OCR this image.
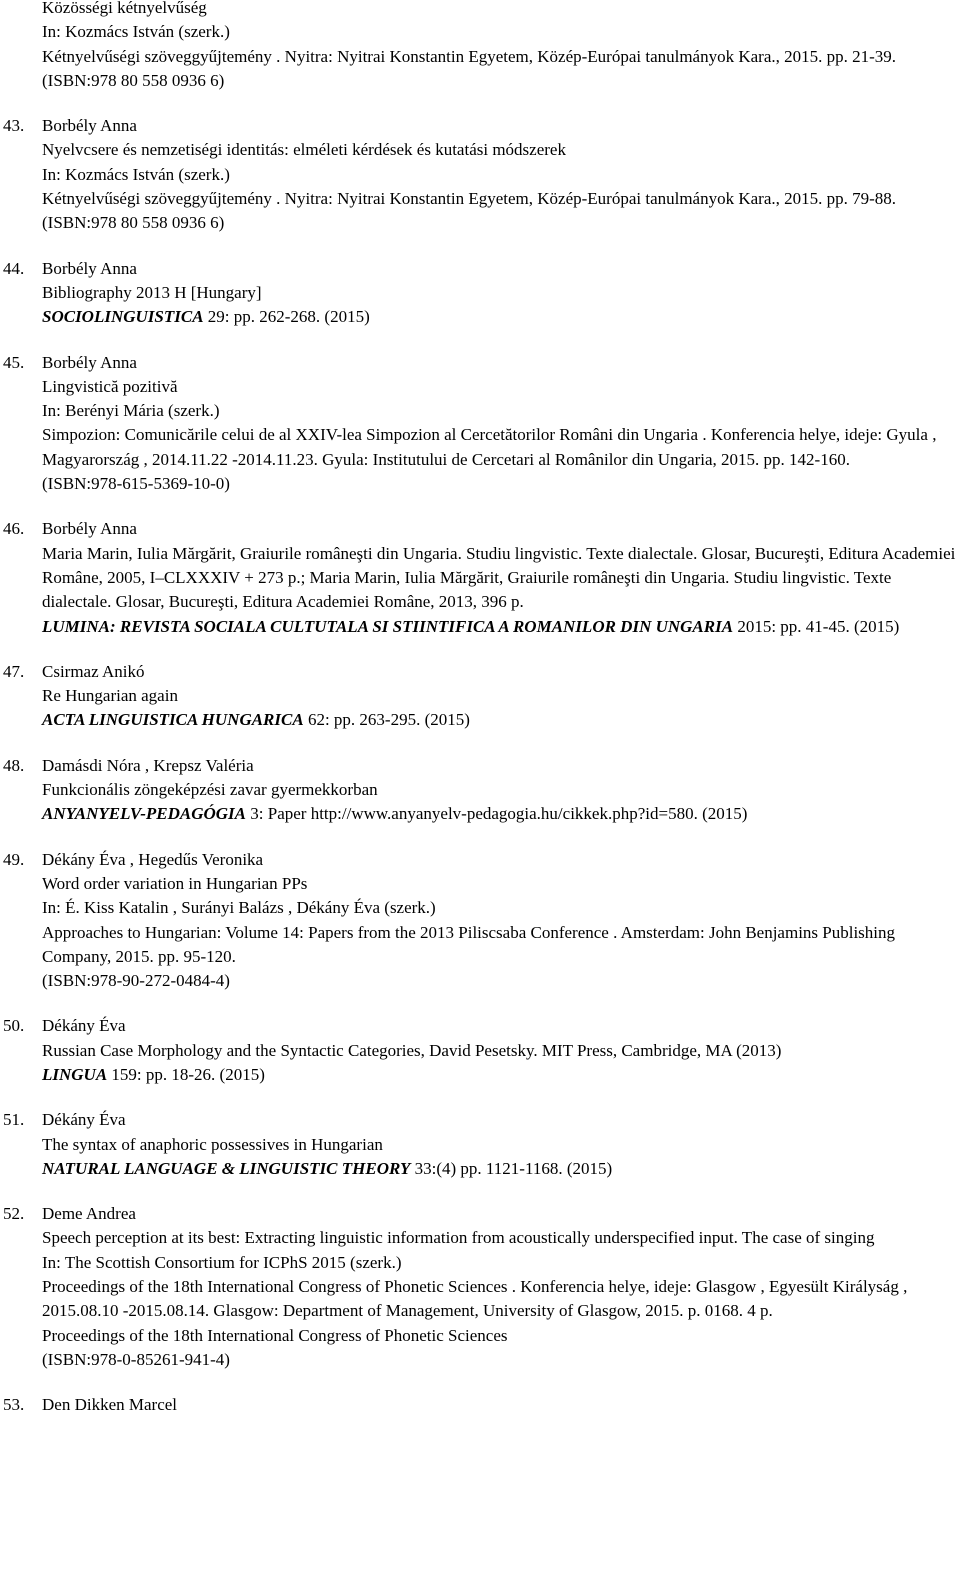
Közösségi kétnyelvűség
In: Kozmács István (szerk.)
Kétnyelvűségi szöveggyűjtemény . Nyitra: Nyitrai Konstantin Egyetem, Közép-Európai tanulmányok Kara., 2015. pp. 21-39.
(ISBN:978 80 558 0936 6)
43. Borbély Anna
Nyelvcsere és nemzetiségi identitás: elméleti kérdések és kutatási módszerek
In: Kozmács István (szerk.)
Kétnyelvűségi szöveggyűjtemény . Nyitra: Nyitrai Konstantin Egyetem, Közép-Európai tanulmányok Kara., 2015. pp. 79-88.
(ISBN:978 80 558 0936 6)
44. Borbély Anna
Bibliography 2013 H [Hungary]
SOCIOLINGUISTICA 29: pp. 262-268. (2015)
45. Borbély Anna
Lingvistică pozitivă
In: Berényi Mária (szerk.)
Simpozion: Comunicările celui de al XXIV-lea Simpozion al Cercetătorilor Români din Ungaria . Konferencia helye, ideje: Gyula , Magyarország , 2014.11.22 -2014.11.23. Gyula: Institutului de Cercetari al Românilor din Ungaria, 2015. pp. 142-160.
(ISBN:978-615-5369-10-0)
46. Borbély Anna
Maria Marin, Iulia Mărgărit, Graiurile româneşti din Ungaria. Studiu lingvistic. Texte dialectale. Glosar, Bucureşti, Editura Academiei Române, 2005, I–CLXXXIV + 273 p.; Maria Marin, Iulia Mărgărit, Graiurile româneşti din Ungaria. Studiu lingvistic. Texte dialectale. Glosar, Bucureşti, Editura Academiei Române, 2013, 396 p.
LUMINA: REVISTA SOCIALA CULTUTALA SI STIINTIFICA A ROMANILOR DIN UNGARIA 2015: pp. 41-45. (2015)
47. Csirmaz Anikó
Re Hungarian again
ACTA LINGUISTICA HUNGARICA 62: pp. 263-295. (2015)
48. Damásdi Nóra , Krepsz Valéria
Funkcionális zöngeképzési zavar gyermekkorban
ANYANYELV-PEDAGÓGIA 3: Paper http://www.anyanyelv-pedagogia.hu/cikkek.php?id=580. (2015)
49. Dékány Éva , Hegedűs Veronika
Word order variation in Hungarian PPs
In: É. Kiss Katalin , Surányi Balázs , Dékány Éva (szerk.)
Approaches to Hungarian: Volume 14: Papers from the 2013 Piliscsaba Conference . Amsterdam: John Benjamins Publishing Company, 2015. pp. 95-120.
(ISBN:978-90-272-0484-4)
50. Dékány Éva
Russian Case Morphology and the Syntactic Categories, David Pesetsky. MIT Press, Cambridge, MA (2013)
LINGUA 159: pp. 18-26. (2015)
51. Dékány Éva
The syntax of anaphoric possessives in Hungarian
NATURAL LANGUAGE & LINGUISTIC THEORY 33:(4) pp. 1121-1168. (2015)
52. Deme Andrea
Speech perception at its best: Extracting linguistic information from acoustically underspecified input. The case of singing
In: The Scottish Consortium for ICPhS 2015 (szerk.)
Proceedings of the 18th International Congress of Phonetic Sciences . Konferencia helye, ideje: Glasgow , Egyesült Királyság , 2015.08.10 -2015.08.14. Glasgow: Department of Management, University of Glasgow, 2015. p. 0168. 4 p.
Proceedings of the 18th International Congress of Phonetic Sciences
(ISBN:978-0-85261-941-4)
53. Den Dikken Marcel
